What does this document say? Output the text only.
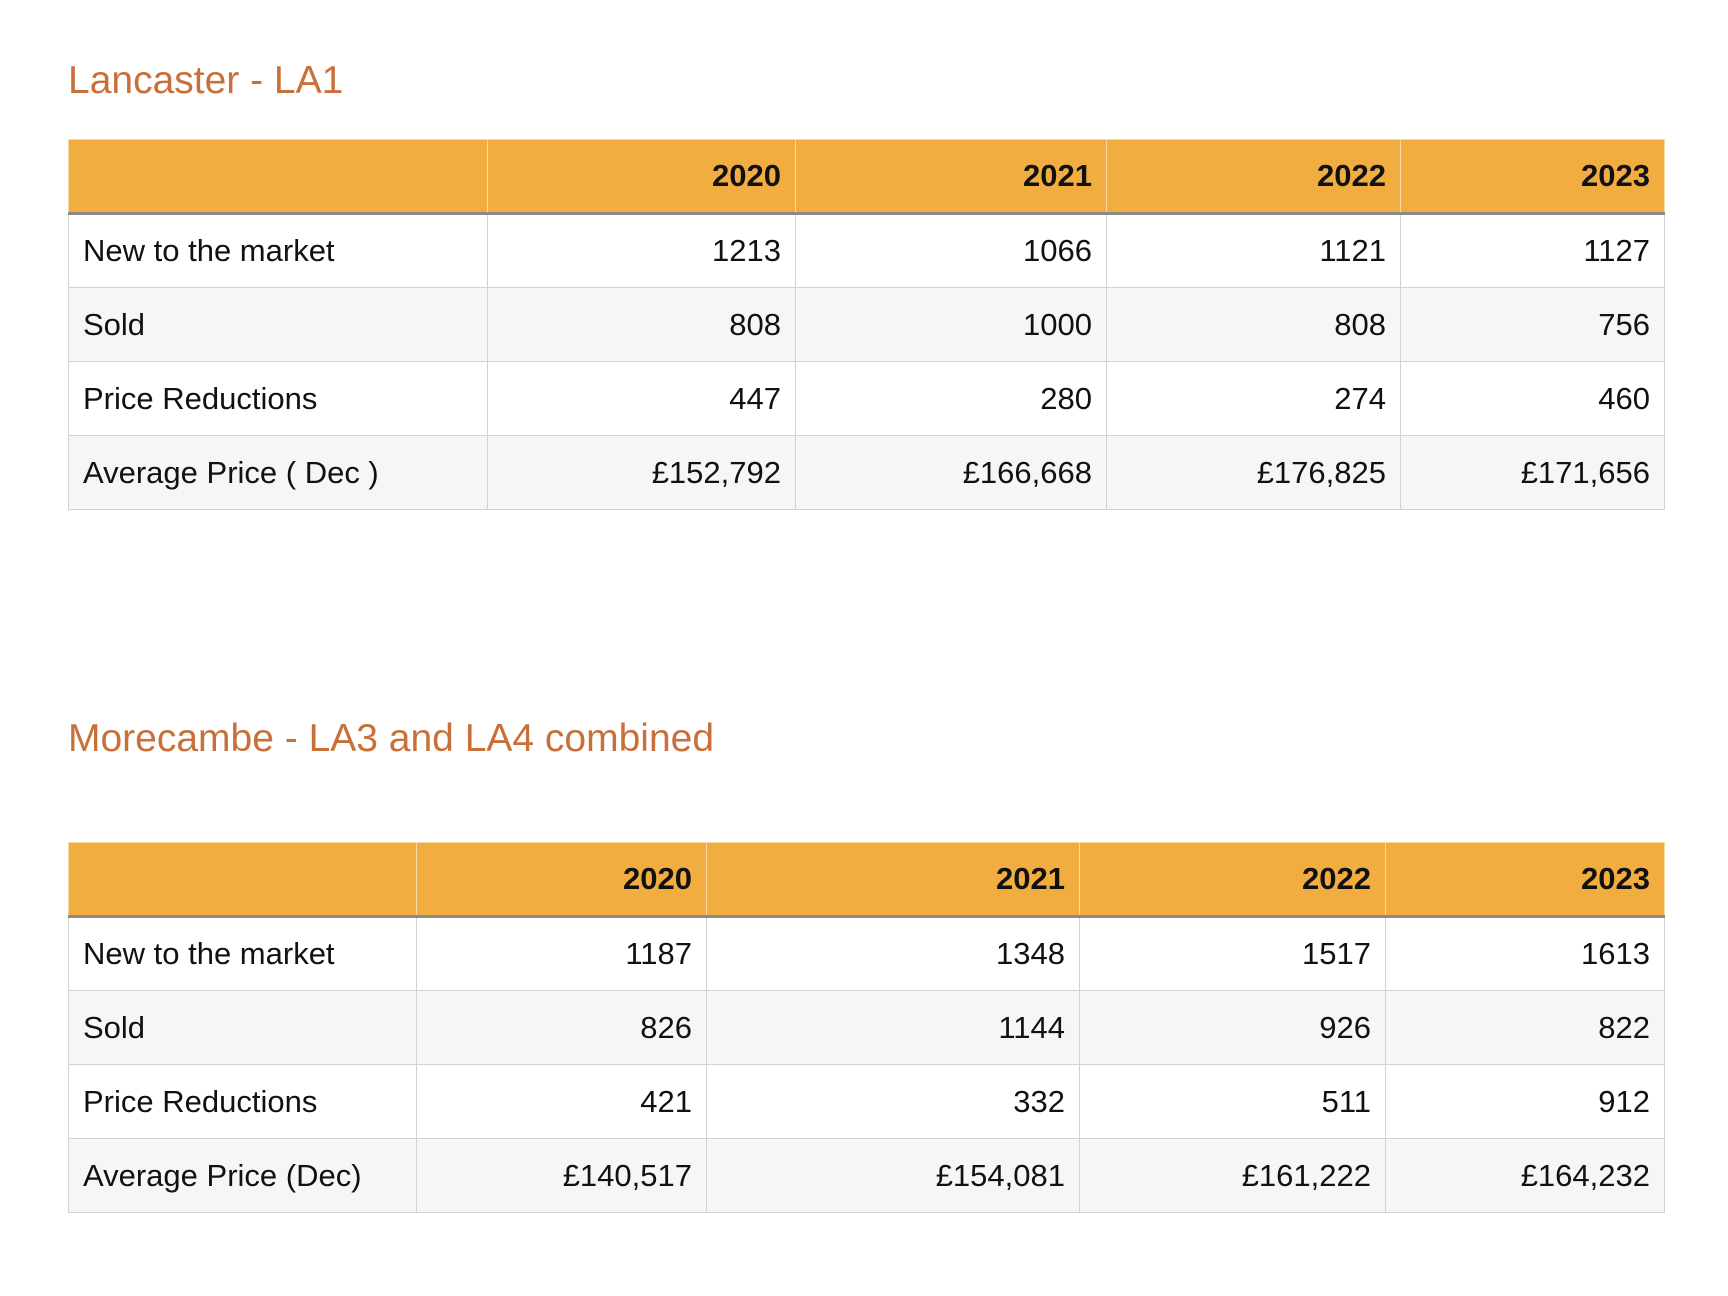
Lancaster - LA1
	2020	2021	2022	2023
New to the market	1213	1066	1121	1127
Sold	808	1000	808	756
Price Reductions	447	280	274	460
Average Price ( Dec )	£152,792	£166,668	£176,825	£171,656
Morecambe - LA3 and LA4 combined
	2020	2021	2022	2023
New to the market	1187	1348	1517	1613
Sold	826	1144	926	822
Price Reductions	421	332	511	912
Average Price (Dec)	£140,517	£154,081	£161,222	£164,232
